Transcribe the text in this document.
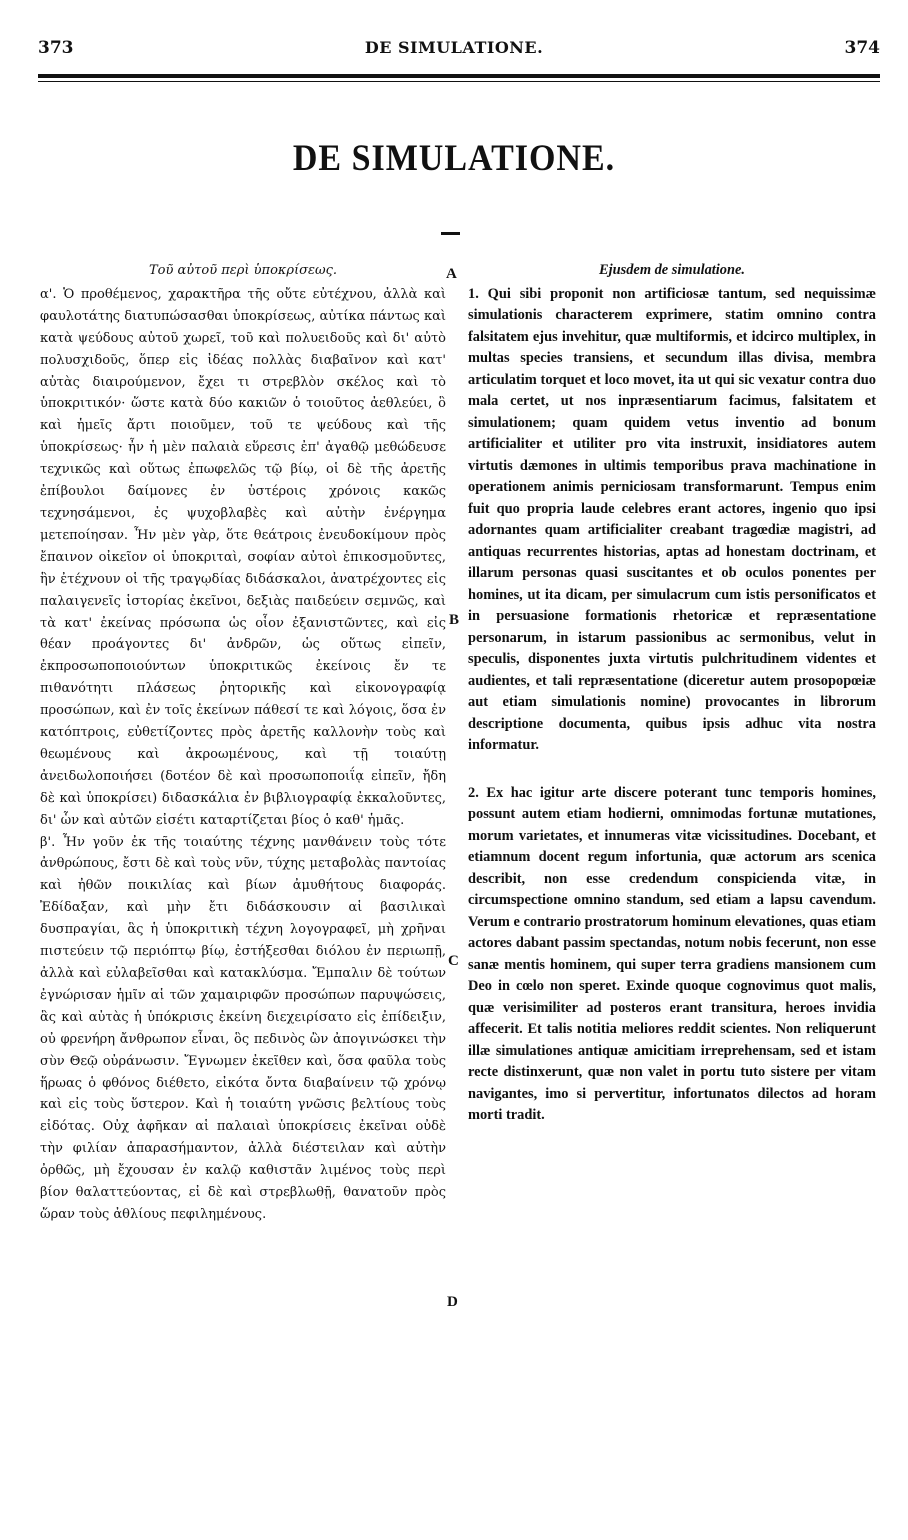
373	DE SIMULATIONE.	374
DE SIMULATIONE.
A
B
C
D
Τοῦ αὐτοῦ περὶ ὑποκρίσεως.
α'. Ὁ προθέμενος, χαρακτῆρα τῆς οὔτε εὐτέχνου, ἀλλὰ καὶ φαυλοτάτης διατυπώσασθαι ὑποκρίσεως, αὐτίκα πάντως καὶ κατὰ ψεύδους αὐτοῦ χωρεῖ, τοῦ καὶ πολυειδοῦς καὶ δι' αὐτὸ πολυσχιδοῦς, ὅπερ εἰς ἰδέας πολλὰς διαβαῖνον καὶ κατ' αὐτὰς διαιρούμενον, ἔχει τι στρεβλὸν σκέλος καὶ τὸ ὑποκριτικόν· ὥστε κατὰ δύο κακιῶν ὁ τοιοῦτος ἀεθλεύει, ὃ καὶ ἡμεῖς ἄρτι ποιοῦμεν, τοῦ τε ψεύδους καὶ τῆς ὑποκρίσεως· ἦν ἡ μὲν παλαιὰ εὕρεσις ἐπ' ἀγαθῷ μεθώδευσε τεχνικῶς καὶ οὕτως ἐπωφελῶς τῷ βίῳ, οἱ δὲ τῆς ἀρετῆς ἐπίβουλοι δαίμονες ἐν ὑστέροις χρόνοις κακῶς τεχνησάμενοι, ἐς ψυχοβλαβὲς καὶ αὐτὴν ἐνέργημα μετεποίησαν. Ἦν μὲν γὰρ, ὅτε θεάτροις ἐνευδοκίμουν πρὸς ἔπαινον οἰκεῖον οἱ ὑποκριταὶ, σοφίαν αὐτοὶ ἐπικοσμοῦντες, ἣν ἐτέχνουν οἱ τῆς τραγῳδίας διδάσκαλοι, ἀνατρέχοντες εἰς παλαιγενεῖς ἱστορίας ἐκεῖνοι, δεξιὰς παιδεύειν σεμνῶς, καὶ τὰ κατ' ἐκείνας πρόσωπα ὡς οἷον ἐξανιστῶντες, καὶ εἰς θέαν προάγοντες δι' ἀνδρῶν, ὡς οὕτως εἰπεῖν, ἐκπροσωποποιούντων ὑποκριτικῶς ἐκείνοις ἔν τε πιθανότητι πλάσεως ῥητορικῆς καὶ εἰκονογραφίᾳ προσώπων, καὶ ἐν τοῖς ἐκείνων πάθεσί τε καὶ λόγοις, ὅσα ἐν κατόπτροις, εὐθετίζοντες πρὸς ἀρετῆς καλλονὴν τοὺς καὶ θεωμένους καὶ ἀκροωμένους, καὶ τῇ τοιαύτῃ ἀνειδωλοποιήσει (δοτέον δὲ καὶ προσωποποιΐᾳ εἰπεῖν, ἤδη δὲ καὶ ὑποκρίσει) διδασκάλια ἐν βιβλιογραφίᾳ ἐκκαλοῦντες, δι' ὧν καὶ αὐτῶν εἰσέτι καταρτίζεται βίος ὁ καθ' ἡμᾶς.
β'. Ἦν γοῦν ἐκ τῆς τοιαύτης τέχνης μανθάνειν τοὺς τότε ἀνθρώπους, ἔστι δὲ καὶ τοὺς νῦν, τύχης μεταβολὰς παντοίας καὶ ἠθῶν ποικιλίας καὶ βίων ἀμυθήτους διαφοράς. Ἐδίδαξαν, καὶ μὴν ἔτι διδάσκουσιν αἱ βασιλικαὶ δυσπραγίαι, ἃς ἡ ὑποκριτικὴ τέχνη λογογραφεῖ, μὴ χρῆναι πιστεύειν τῷ περιόπτῳ βίῳ, ἐστήξεσθαι διόλου ἐν περιωπῇ, ἀλλὰ καὶ εὐλαβεῖσθαι καὶ κατακλύσμα. Ἔμπαλιν δὲ τούτων ἐγνώρισαν ἡμῖν αἱ τῶν χαμαιριφῶν προσώπων παρυψώσεις, ἃς καὶ αὐτὰς ἡ ὑπόκρισις ἐκείνη διεχειρίσατο εἰς ἐπίδειξιν, οὐ φρενήρη ἄνθρωπον εἶναι, ὃς πεδινὸς ὢν ἀπογινώσκει τὴν σὺν Θεῷ οὐράνωσιν. Ἔγνωμεν ἐκεῖθεν καὶ, ὅσα φαῦλα τοὺς ἥρωας ὁ φθόνος διέθετο, εἰκότα ὄντα διαβαίνειν τῷ χρόνῳ καὶ εἰς τοὺς ὕστερον. Καὶ ἡ τοιαύτη γνῶσις βελτίους τοὺς εἰδότας. Οὐχ ἀφῆκαν αἱ παλαιαὶ ὑποκρίσεις ἐκεῖναι οὐδὲ τὴν φιλίαν ἀπαρασήμαντον, ἀλλὰ διέστειλαν καὶ αὐτὴν ὀρθῶς, μὴ ἔχουσαν ἐν καλῷ καθιστᾶν λιμένος τοὺς περὶ βίον θαλαττεύοντας, εἰ δὲ καὶ στρεβλωθῇ, θανατοῦν πρὸς ὥραν τοὺς ἀθλίους πεφιλημένους.
Ejusdem de simulatione.
1. Qui sibi proponit non artificiosæ tantum, sed nequissimæ simulationis characterem exprimere, statim omnino contra falsitatem ejus invehitur, quæ multiformis, et idcirco multiplex, in multas species transiens, et secundum illas divisa, membra articulatim torquet et loco movet, ita ut qui sic vexatur contra duo mala certet, ut nos inpræsentiarum facimus, falsitatem et simulationem; quam quidem vetus inventio ad bonum artificialiter et utiliter pro vita instruxit, insidiatores autem virtutis dæmones in ultimis temporibus prava machinatione in operationem animis perniciosam transformarunt. Tempus enim fuit quo propria laude celebres erant actores, ingenio quo ipsi adornantes quam artificialiter creabant tragœdiæ magistri, ad antiquas recurrentes historias, aptas ad honestam doctrinam, et illarum personas quasi suscitantes et ob oculos ponentes per homines, ut ita dicam, per simulacrum cum istis personificatos et in persuasione formationis rhetoricæ et repræsentatione personarum, in istarum passionibus ac sermonibus, velut in speculis, disponentes juxta virtutis pulchritudinem videntes et audientes, et tali repræsentatione (diceretur autem prosopopœiæ aut etiam simulationis nomine) provocantes in librorum descriptione documenta, quibus ipsis adhuc vita nostra informatur.
2. Ex hac igitur arte discere poterant tunc temporis homines, possunt autem etiam hodierni, omnimodas fortunæ mutationes, morum varietates, et innumeras vitæ vicissitudines. Docebant, et etiamnum docent regum infortunia, quæ actorum ars scenica describit, non esse credendum conspicienda vitæ, in circumspectione omnino standum, sed etiam a lapsu cavendum. Verum e contrario prostratorum hominum elevationes, quas etiam actores dabant passim spectandas, notum nobis fecerunt, non esse sanæ mentis hominem, qui super terra gradiens mansionem cum Deo in cœlo non speret. Exinde quoque cognovimus quot malis, quæ verisimiliter ad posteros erant transitura, heroes invidia affecerit. Et talis notitia meliores reddit scientes. Non reliquerunt illæ simulationes antiquæ amicitiam irreprehensam, sed et istam recte distinxerunt, quæ non valet in portu tuto sistere per vitam navigantes, imo si pervertitur, infortunatos dilectos ad horam morti tradit.
